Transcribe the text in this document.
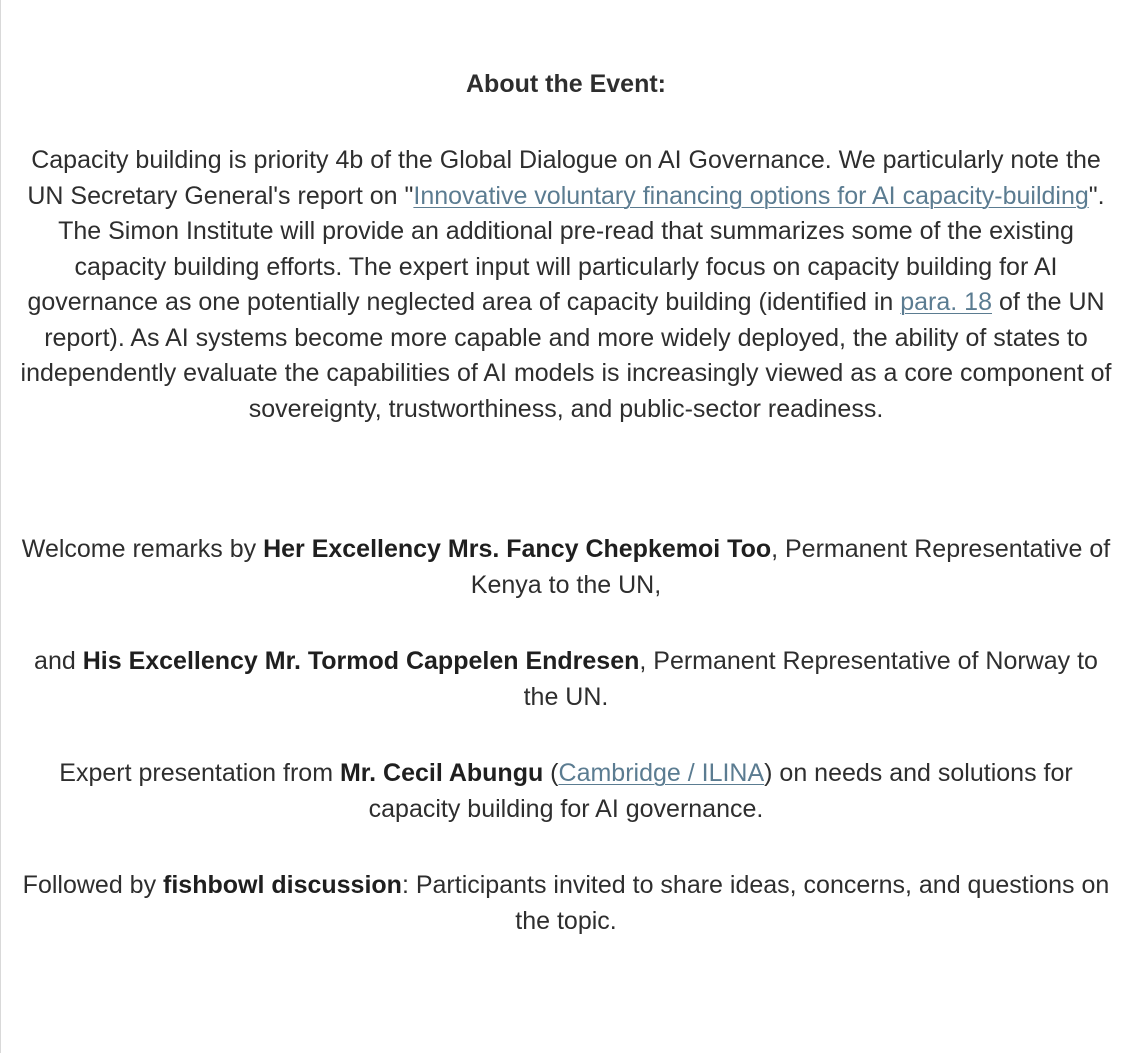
About the Event:

Capacity building is priority 4b of the Global Dialogue on AI Governance. We particularly note the UN Secretary General's report on "Innovative voluntary financing options for AI capacity-building". The Simon Institute will provide an additional pre-read that summarizes some of the existing capacity building efforts. The expert input will particularly focus on capacity building for AI governance as one potentially neglected area of capacity building (identified in para. 18 of the UN report). As AI systems become more capable and more widely deployed, the ability of states to independently evaluate the capabilities of AI models is increasingly viewed as a core component of sovereignty, trustworthiness, and public-sector readiness.

Welcome remarks by Her Excellency Mrs. Fancy Chepkemoi Too, Permanent Representative of Kenya to the UN,

and His Excellency Mr. Tormod Cappelen Endresen, Permanent Representative of Norway to the UN.

Expert presentation from Mr. Cecil Abungu (Cambridge / ILINA) on needs and solutions for capacity building for AI governance.

Followed by fishbowl discussion: Participants invited to share ideas, concerns, and questions on the topic.
